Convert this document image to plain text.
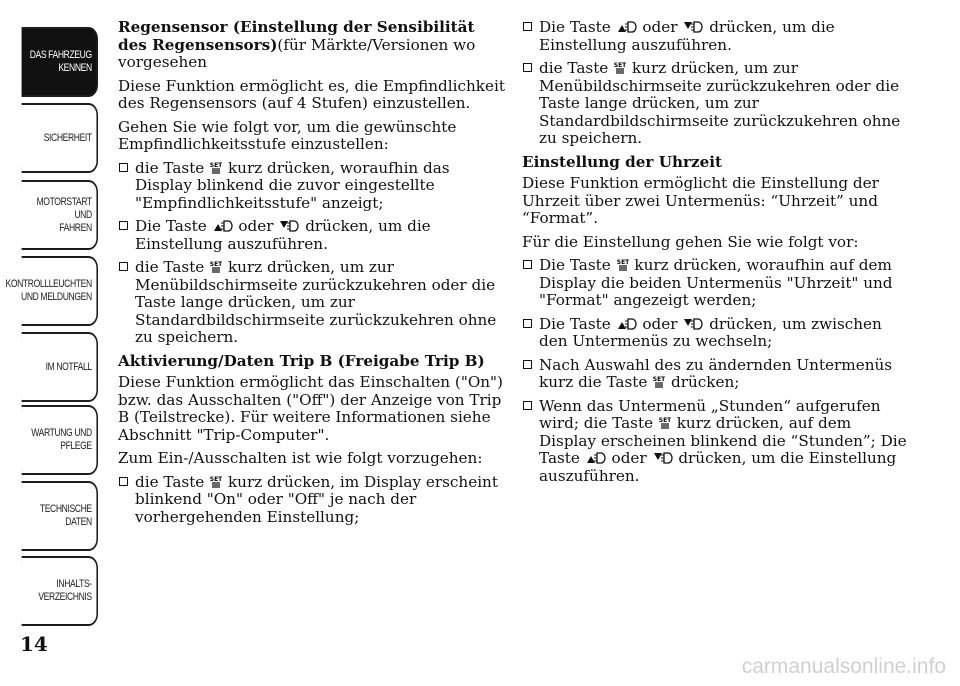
DAS FAHRZEUG
KENNEN
SICHERHEIT
MOTORSTART UND
FAHREN
KONTROLLLEUCHTEN
UND MELDUNGEN
IM NOTFALL
WARTUNG UND
PFLEGE
TECHNISCHE
DATEN
INHALTS-
VERZEICHNIS
14
carmanualsonline.info

Regensensor (Einstellung der Sensibilität des Regensensors)(für Märkte/Versionen wo vorgesehen

Diese Funktion ermöglicht es, die Empfindlichkeit des Regensensors (auf 4 Stufen) einzustellen.

Gehen Sie wie folgt vor, um die gewünschte Empfindlichkeitsstufe einzustellen:

die Taste SET kurz drücken, woraufhin das Display blinkend die zuvor eingestellte "Empfindlichkeitsstufe" anzeigt;
Die Taste oder drücken, um die Einstellung auszuführen.
die Taste SET kurz drücken, um zur Menübildschirmseite zurückzukehren oder die Taste lange drücken, um zur Standardbildschirmseite zurückzukehren ohne zu speichern.

Aktivierung/Daten Trip B (Freigabe Trip B)

Diese Funktion ermöglicht das Einschalten ("On") bzw. das Ausschalten ("Off") der Anzeige von Trip B (Teilstrecke). Für weitere Informationen siehe Abschnitt "Trip-Computer".

Zum Ein-/Ausschalten ist wie folgt vorzugehen:

die Taste SET kurz drücken, im Display erscheint blinkend "On" oder "Off" je nach der vorhergehenden Einstellung;
Die Taste oder drücken, um die Einstellung auszuführen.
die Taste SET kurz drücken, um zur Menübildschirmseite zurückzukehren oder die Taste lange drücken, um zur Standardbildschirmseite zurückzukehren ohne zu speichern.

Einstellung der Uhrzeit

Diese Funktion ermöglicht die Einstellung der Uhrzeit über zwei Untermenüs: “Uhrzeit” und “Format”.

Für die Einstellung gehen Sie wie folgt vor:

Die Taste SET kurz drücken, woraufhin auf dem Display die beiden Untermenüs "Uhrzeit" und "Format" angezeigt werden;
Die Taste oder drücken, um zwischen den Untermenüs zu wechseln;
Nach Auswahl des zu ändernden Untermenüs kurz die Taste SET drücken;
Wenn das Untermenü „Stunden“ aufgerufen wird; die Taste SET kurz drücken, auf dem Display erscheinen blinkend die “Stunden”; Die Taste oder drücken, um die Einstellung auszuführen.
